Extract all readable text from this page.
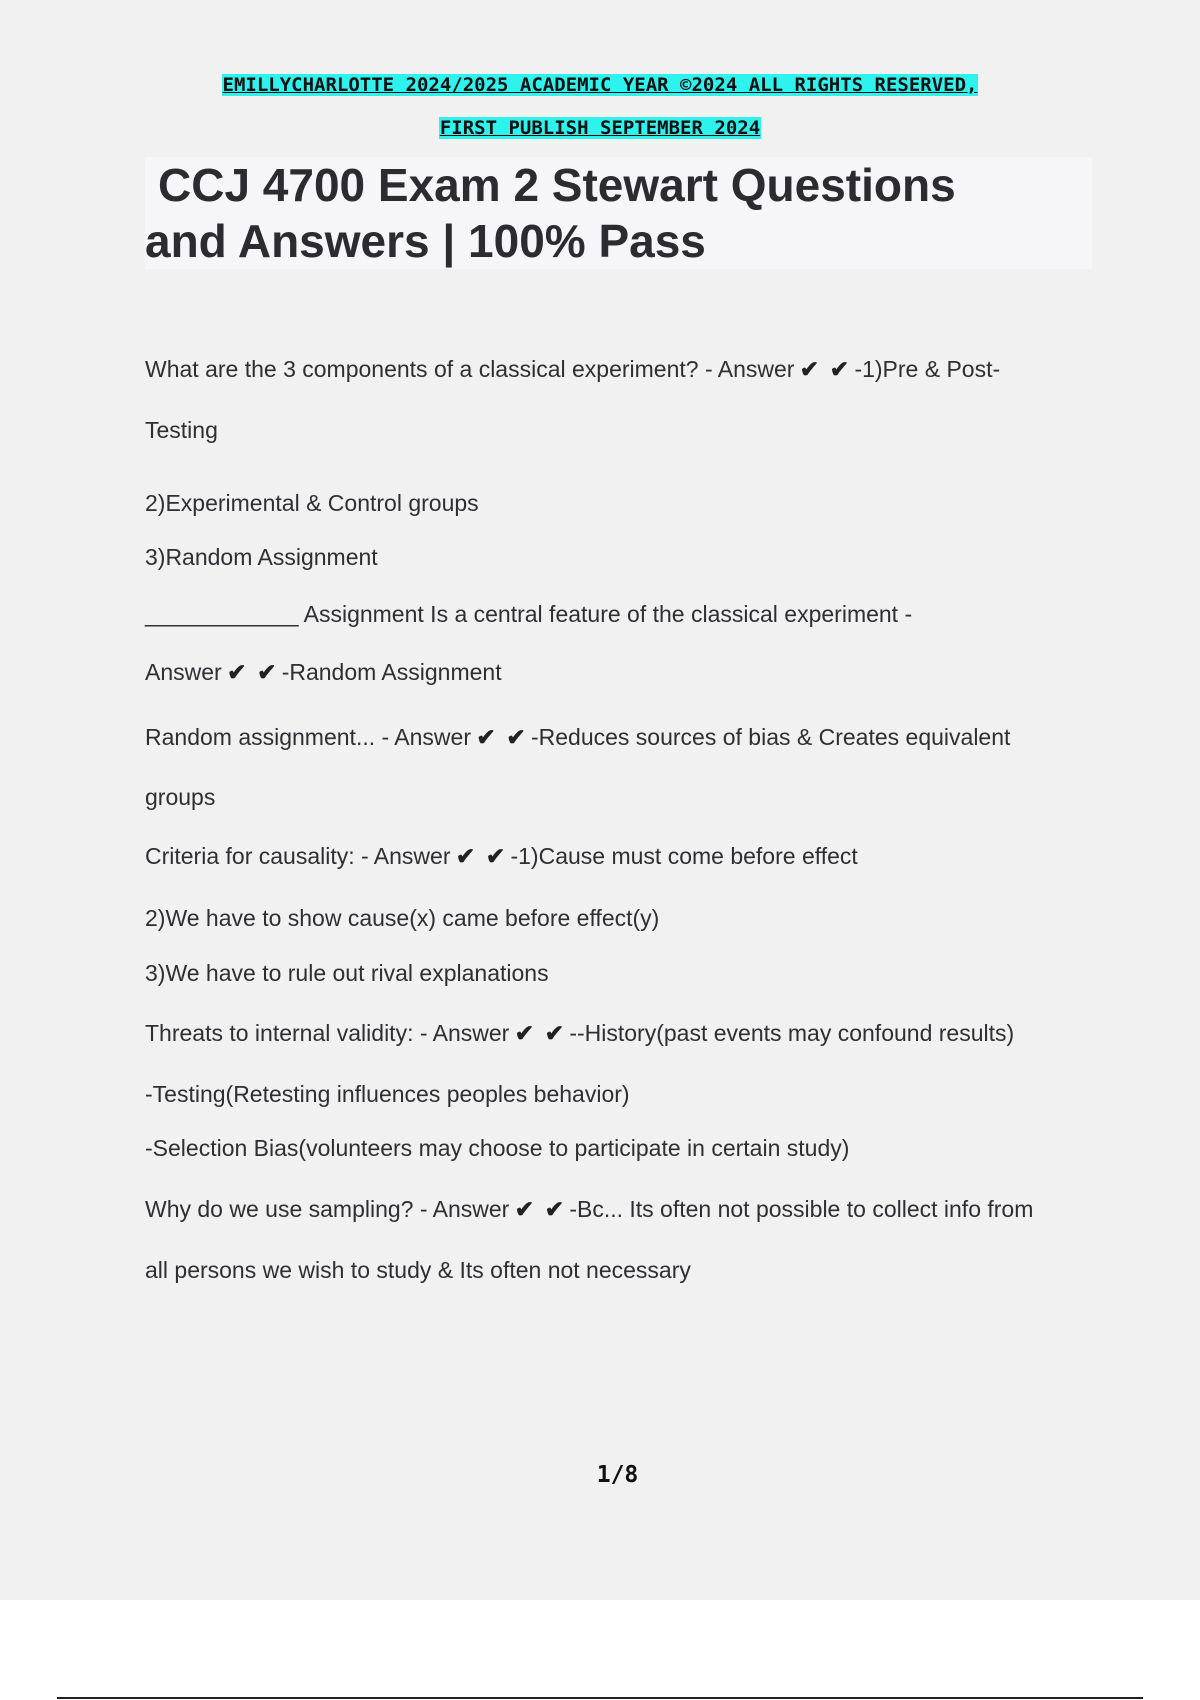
EMILLYCHARLOTTE 2024/2025 ACADEMIC YEAR ©2024 ALL RIGHTS RESERVED,
FIRST PUBLISH SEPTEMBER 2024
CCJ 4700 Exam 2 Stewart Questions
and Answers | 100% Pass
What are the 3 components of a classical experiment? - Answer ✔ ✔ -1)Pre & Post-
Testing
2)Experimental & Control groups
3)Random Assignment
____________ Assignment Is a central feature of the classical experiment -
Answer ✔ ✔ -Random Assignment
Random assignment... - Answer ✔ ✔ -Reduces sources of bias & Creates equivalent
groups
Criteria for causality: - Answer ✔ ✔ -1)Cause must come before effect
2)We have to show cause(x) came before effect(y)
3)We have to rule out rival explanations
Threats to internal validity: - Answer ✔ ✔ --History(past events may confound results)
-Testing(Retesting influences peoples behavior)
-Selection Bias(volunteers may choose to participate in certain study)
Why do we use sampling? - Answer ✔ ✔ -Bc... Its often not possible to collect info from
all persons we wish to study & Its often not necessary
1/8
